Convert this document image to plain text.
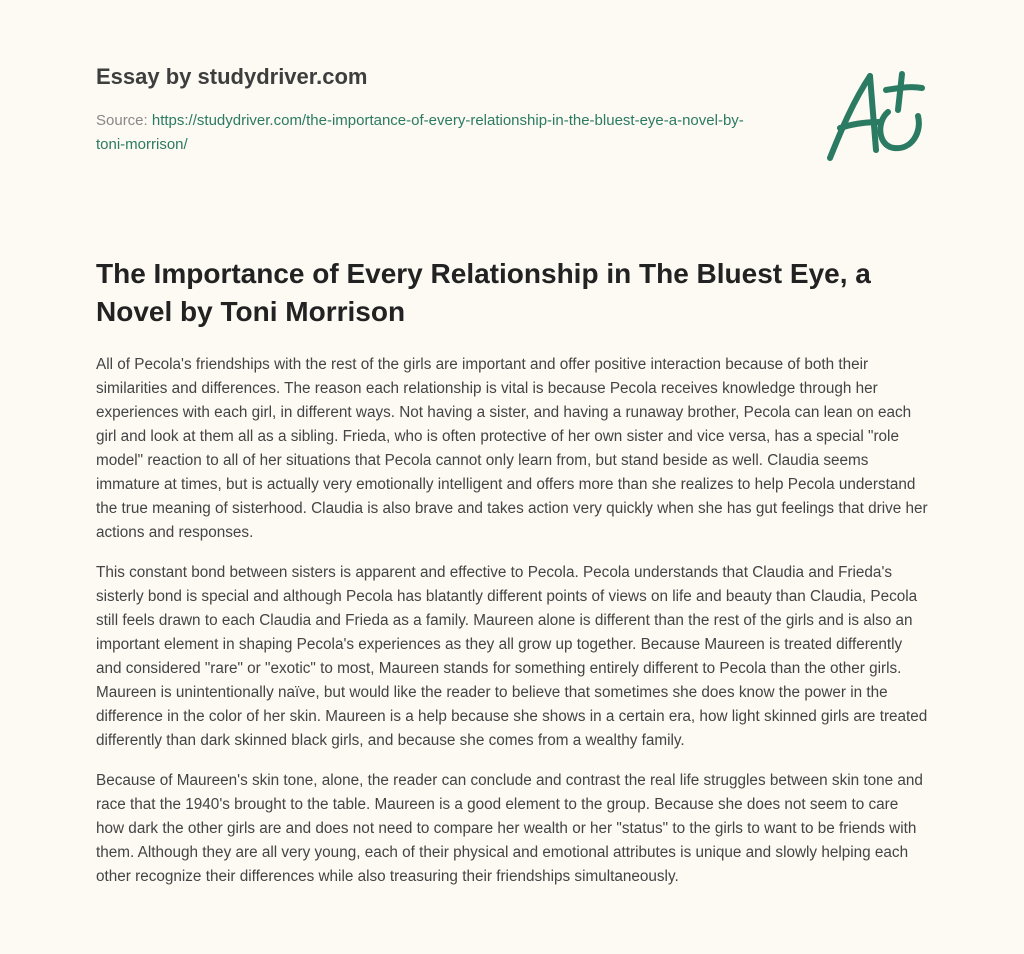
Essay by studydriver.com
Source: https://studydriver.com/the-importance-of-every-relationship-in-the-bluest-eye-a-novel-by-toni-morrison/
The Importance of Every Relationship in The Bluest Eye, a Novel by Toni Morrison

All of Pecola's friendships with the rest of the girls are important and offer positive interaction because of both their similarities and differences. The reason each relationship is vital is because Pecola receives knowledge through her experiences with each girl, in different ways. Not having a sister, and having a runaway brother, Pecola can lean on each girl and look at them all as a sibling. Frieda, who is often protective of her own sister and vice versa, has a special "role model" reaction to all of her situations that Pecola cannot only learn from, but stand beside as well. Claudia seems immature at times, but is actually very emotionally intelligent and offers more than she realizes to help Pecola understand the true meaning of sisterhood. Claudia is also brave and takes action very quickly when she has gut feelings that drive her actions and responses.

This constant bond between sisters is apparent and effective to Pecola. Pecola understands that Claudia and Frieda's sisterly bond is special and although Pecola has blatantly different points of views on life and beauty than Claudia, Pecola still feels drawn to each Claudia and Frieda as a family. Maureen alone is different than the rest of the girls and is also an important element in shaping Pecola's experiences as they all grow up together. Because Maureen is treated differently and considered "rare" or "exotic" to most, Maureen stands for something entirely different to Pecola than the other girls. Maureen is unintentionally naïve, but would like the reader to believe that sometimes she does know the power in the difference in the color of her skin. Maureen is a help because she shows in a certain era, how light skinned girls are treated differently than dark skinned black girls, and because she comes from a wealthy family.

Because of Maureen's skin tone, alone, the reader can conclude and contrast the real life struggles between skin tone and race that the 1940's brought to the table. Maureen is a good element to the group. Because she does not seem to care how dark the other girls are and does not need to compare her wealth or her "status" to the girls to want to be friends with them. Although they are all very young, each of their physical and emotional attributes is unique and slowly helping each other recognize their differences while also treasuring their friendships simultaneously.
